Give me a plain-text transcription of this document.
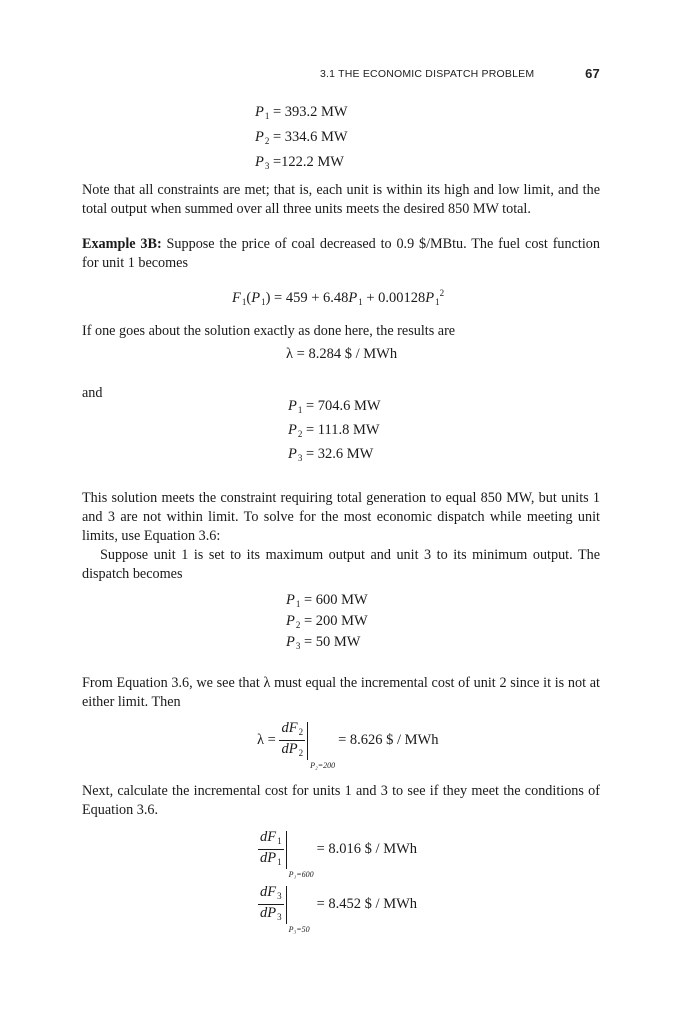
3.1 THE ECONOMIC DISPATCH PROBLEM	67
$P_1 = 393.2$ MW
$P_2 = 334.6$ MW
$P_3 =122.2$ MW
Note that all constraints are met; that is, each unit is within its high and low limit, and the total output when summed over all three units meets the desired 850 MW total.
Example 3B: Suppose the price of coal decreased to 0.9 $/MBtu. The fuel cost function for unit 1 becomes
$F_1(P_1) = 459 + 6.48P_1 + 0.00128P_1^2$
If one goes about the solution exactly as done here, the results are
λ = 8.284 $ / MWh
and
$P_1 = 704.6$ MW
$P_2 = 111.8$ MW
$P_3 = 32.6$ MW
This solution meets the constraint requiring total generation to equal 850 MW, but units 1 and 3 are not within limit. To solve for the most economic dispatch while meeting unit limits, use Equation 3.6:
Suppose unit 1 is set to its maximum output and unit 3 to its minimum output. The dispatch becomes
$P_1 = 600$ MW
$P_2 = 200$ MW
$P_3 = 50$ MW
From Equation 3.6, we see that λ must equal the incremental cost of unit 2 since it is not at either limit. Then
$\lambda = \frac{dF_2}{dP_2}$
P₂=200
= 8.626 $ / MWh
Next, calculate the incremental cost for units 1 and 3 to see if they meet the conditions of Equation 3.6.
$\frac{dF_1}{dP_1}$
P₁=600
= 8.016 $ / MWh
$\frac{dF_3}{dP_3}$
P₃=50
= 8.452 $ / MWh
